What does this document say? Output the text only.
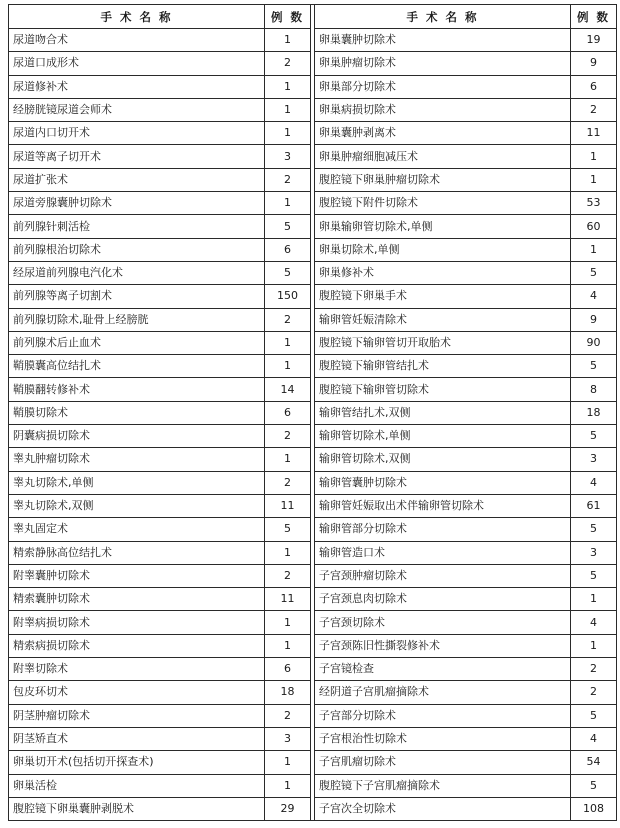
手 术 名 称	例 数		手 术 名 称	例 数
尿道吻合术	1		卵巢囊肿切除术	19
尿道口成形术	2		卵巢肿瘤切除术	9
尿道修补术	1		卵巢部分切除术	6
经膀胱镜尿道会师术	1		卵巢病损切除术	2
尿道内口切开术	1		卵巢囊肿剥离术	11
尿道等离子切开术	3		卵巢肿瘤细胞减压术	1
尿道扩张术	2		腹腔镜下卵巢肿瘤切除术	1
尿道旁腺囊肿切除术	1		腹腔镜下附件切除术	53
前列腺针刺活检	5		卵巢输卵管切除术,单侧	60
前列腺根治切除术	6		卵巢切除术,单侧	1
经尿道前列腺电汽化术	5		卵巢修补术	5
前列腺等离子切割术	150		腹腔镜下卵巢手术	4
前列腺切除术,耻骨上经膀胱	2		输卵管妊娠清除术	9
前列腺术后止血术	1		腹腔镜下输卵管切开取胎术	90
鞘膜囊高位结扎术	1		腹腔镜下输卵管结扎术	5
鞘膜翻转修补术	14		腹腔镜下输卵管切除术	8
鞘膜切除术	6		输卵管结扎术,双侧	18
阴囊病损切除术	2		输卵管切除术,单侧	5
睾丸肿瘤切除术	1		输卵管切除术,双侧	3
睾丸切除术,单侧	2		输卵管囊肿切除术	4
睾丸切除术,双侧	11		输卵管妊娠取出术伴输卵管切除术	61
睾丸固定术	5		输卵管部分切除术	5
精索静脉高位结扎术	1		输卵管造口术	3
附睾囊肿切除术	2		子宫颈肿瘤切除术	5
精索囊肿切除术	11		子宫颈息肉切除术	1
附睾病损切除术	1		子宫颈切除术	4
精索病损切除术	1		子宫颈陈旧性撕裂修补术	1
附睾切除术	6		子宫镜检查	2
包皮环切术	18		经阴道子宫肌瘤摘除术	2
阴茎肿瘤切除术	2		子宫部分切除术	5
阴茎矫直术	3		子宫根治性切除术	4
卵巢切开术(包括切开探查术)	1		子宫肌瘤切除术	54
卵巢活检	1		腹腔镜下子宫肌瘤摘除术	5
腹腔镜下卵巢囊肿剥脱术	29		子宫次全切除术	108
